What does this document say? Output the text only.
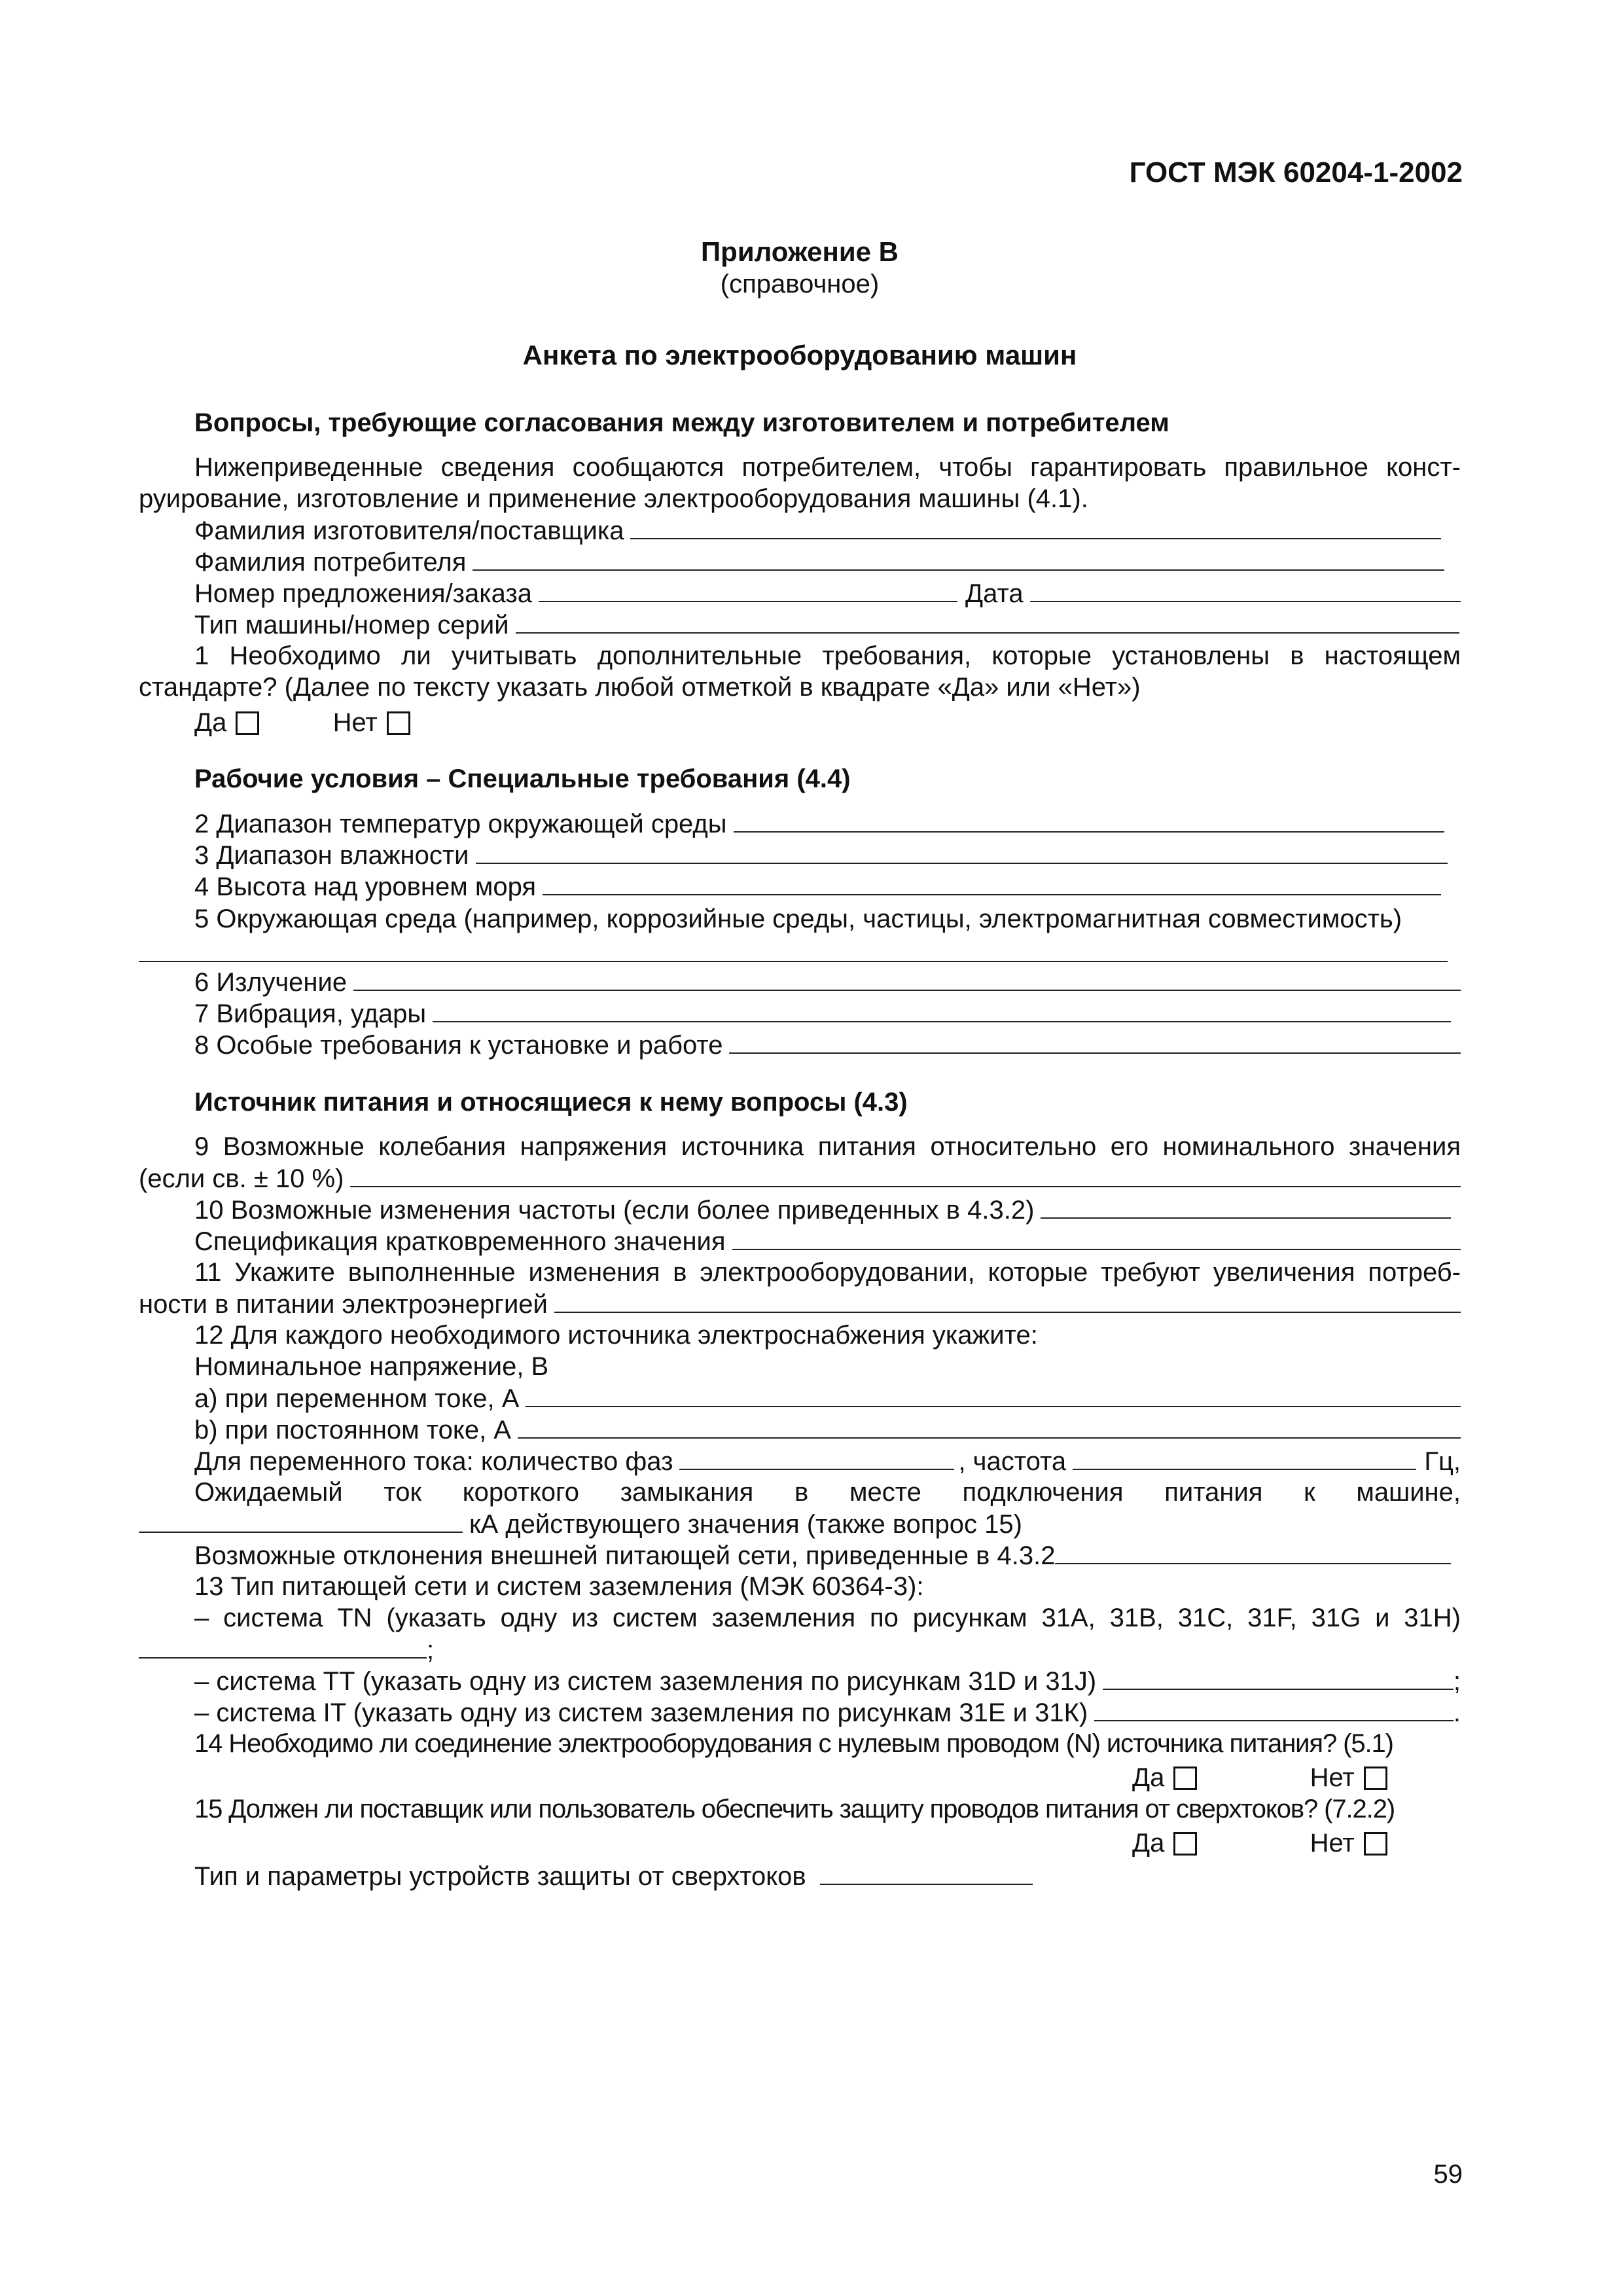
ГОСТ МЭК 60204-1-2002
Приложение В
(справочное)
Анкета по электрооборудованию машин
Вопросы, требующие согласования между изготовителем и потребителем
Нижеприведенные сведения сообщаются потребителем, чтобы гарантировать правильное конст-
руирование, изготовление и применение электрооборудования машины (4.1).
Фамилия изготовителя/поставщика
Фамилия потребителя
Номер предложения/заказа	Дата
Тип машины/номер серий
1 Необходимо ли учитывать дополнительные требования, которые установлены в настоящем
стандарте? (Далее по тексту указать любой отметкой в квадрате «Да» или «Нет»)
Да	Нет
Рабочие условия – Специальные требования (4.4)
2 Диапазон температур окружающей среды
3 Диапазон влажности
4 Высота над уровнем моря
5 Окружающая среда (например, коррозийные среды, частицы, электромагнитная совместимость)
6 Излучение
7 Вибрация, удары
8 Особые требования к установке и работе
Источник питания и относящиеся к нему вопросы (4.3)
9 Возможные колебания напряжения источника питания относительно его номинального значения
(если св. ± 10 %)
10 Возможные изменения частоты (если более приведенных в 4.3.2)
Спецификация кратковременного значения
11 Укажите выполненные изменения в электрооборудовании, которые требуют увеличения потреб-
ности в питании электроэнергией
12 Для каждого необходимого источника электроснабжения укажите:
Номинальное напряжение, В
а) при переменном токе, А
b) при постоянном токе, А
Для переменного тока: количество фаз	, частота	Гц,
Ожидаемый ток короткого замыкания в месте подключения питания к машине,
кА действующего значения (также вопрос 15)
Возможные отклонения внешней питающей сети, приведенные в 4.3.2
13 Тип питающей сети и систем заземления (МЭК 60364-3):
– система TN (указать одну из систем заземления по рисункам 31А, 31В, 31С, 31F, 31G и 31Н)
;
– система ТТ (указать одну из систем заземления по рисункам 31D и 31J)	;
– система IT (указать одну из систем заземления по рисункам 31Е и 31К)	.
14 Необходимо ли соединение электрооборудования с нулевым проводом (N) источника питания? (5.1)
Да	Нет
15 Должен ли поставщик или пользователь обеспечить защиту проводов питания от сверхтоков? (7.2.2)
Да	Нет
Тип и параметры устройств защиты от сверхтоков
59
